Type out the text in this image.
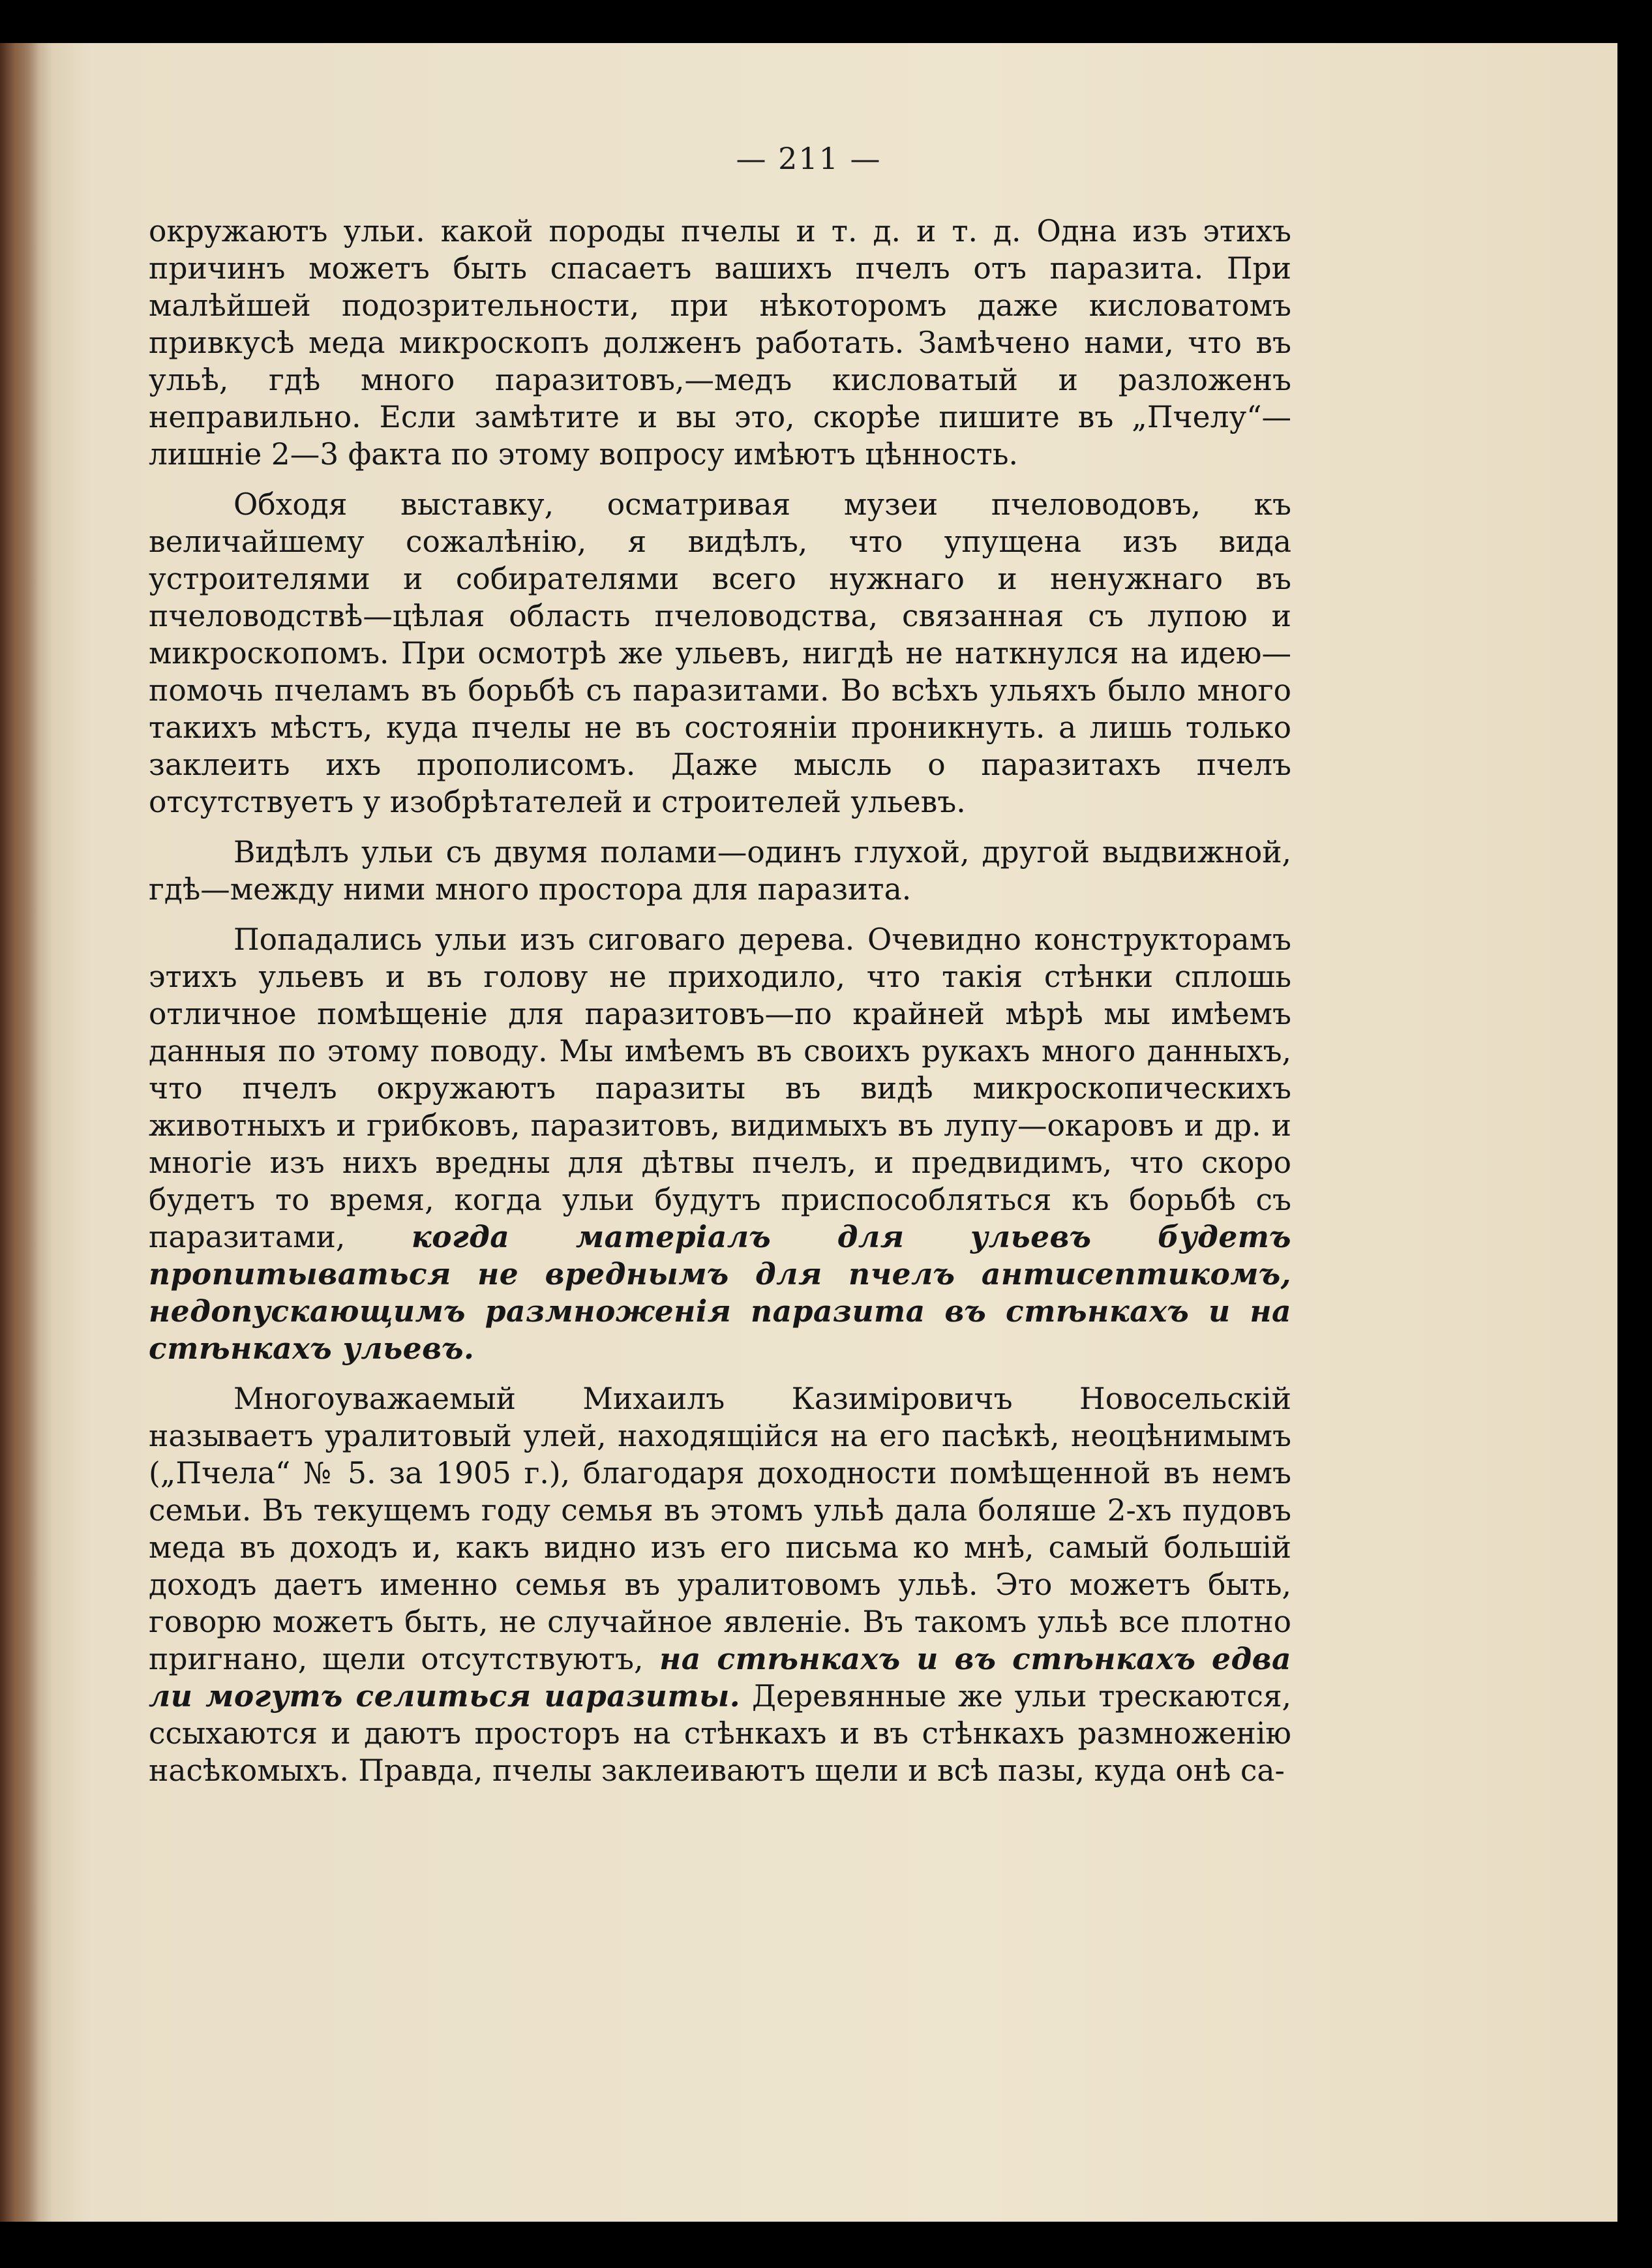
— 211 —

окружаютъ ульи. какой породы пчелы и т. д. и т. д. Одна изъ этихъ причинъ можетъ быть спасаетъ вашихъ пчелъ отъ паразита. При малѣйшей подозрительности, при нѣкоторомъ даже кисловатомъ привкусѣ меда микроскопъ долженъ работать. Замѣчено нами, что въ ульѣ, гдѣ много паразитовъ,—медъ кисловатый и разложенъ неправильно. Если замѣтите и вы это, скорѣе пишите въ „Пчелу“—лишніе 2—3 факта по этому вопросу имѣютъ цѣнность.

Обходя выставку, осматривая музеи пчеловодовъ, къ величайшему сожалѣнію, я видѣлъ, что упущена изъ вида устроителями и собирателями всего нужнаго и ненужнаго въ пчеловодствѣ—цѣлая область пчеловодства, связанная съ лупою и микроскопомъ. При осмотрѣ же ульевъ, нигдѣ не наткнулся на идею—помочь пчеламъ въ борьбѣ съ паразитами. Во всѣхъ ульяхъ было много такихъ мѣстъ, куда пчелы не въ состояніи проникнуть. а лишь только заклеить ихъ прополисомъ. Даже мысль о паразитахъ пчелъ отсутствуетъ у изобрѣтателей и строителей ульевъ.

Видѣлъ ульи съ двумя полами—одинъ глухой, другой выдвижной, гдѣ—между ними много простора для паразита.

Попадались ульи изъ сиговаго дерева. Очевидно конструкторамъ этихъ ульевъ и въ голову не приходило, что такія стѣнки сплошь отличное помѣщеніе для паразитовъ—по крайней мѣрѣ мы имѣемъ данныя по этому поводу. Мы имѣемъ въ своихъ рукахъ много данныхъ, что пчелъ окружаютъ паразиты въ видѣ микроскопическихъ животныхъ и грибковъ, паразитовъ, видимыхъ въ лупу—окаровъ и др. и многіе изъ нихъ вредны для дѣтвы пчелъ, и предвидимъ, что скоро будетъ то время, когда ульи будутъ приспособляться къ борьбѣ съ паразитами, когда матеріалъ для ульевъ будетъ пропитываться не вреднымъ для пчелъ антисептикомъ, недопускающимъ размноженія паразита въ стѣнкахъ и на стѣнкахъ ульевъ.

Многоуважаемый Михаилъ Казиміровичъ Новосельскій называетъ уралитовый улей, находящійся на его пасѣкѣ, неоцѣнимымъ („Пчела“ № 5. за 1905 г.), благодаря доходности помѣщенной въ немъ семьи. Въ текущемъ году семья въ этомъ ульѣ дала боляше 2-хъ пудовъ меда въ доходъ и, какъ видно изъ его письма ко мнѣ, самый большій доходъ даетъ именно семья въ уралитовомъ ульѣ. Это можетъ быть, говорю можетъ быть, не случайное явленіе. Въ такомъ ульѣ все плотно пригнано, щели отсутствуютъ, на стѣнкахъ и въ стѣнкахъ едва ли могутъ селиться иаразиты. Деревянные же ульи трескаются, ссыхаются и даютъ просторъ на стѣнкахъ и въ стѣнкахъ размноженію насѣкомыхъ. Правда, пчелы заклеиваютъ щели и всѣ пазы, куда онѣ са-
